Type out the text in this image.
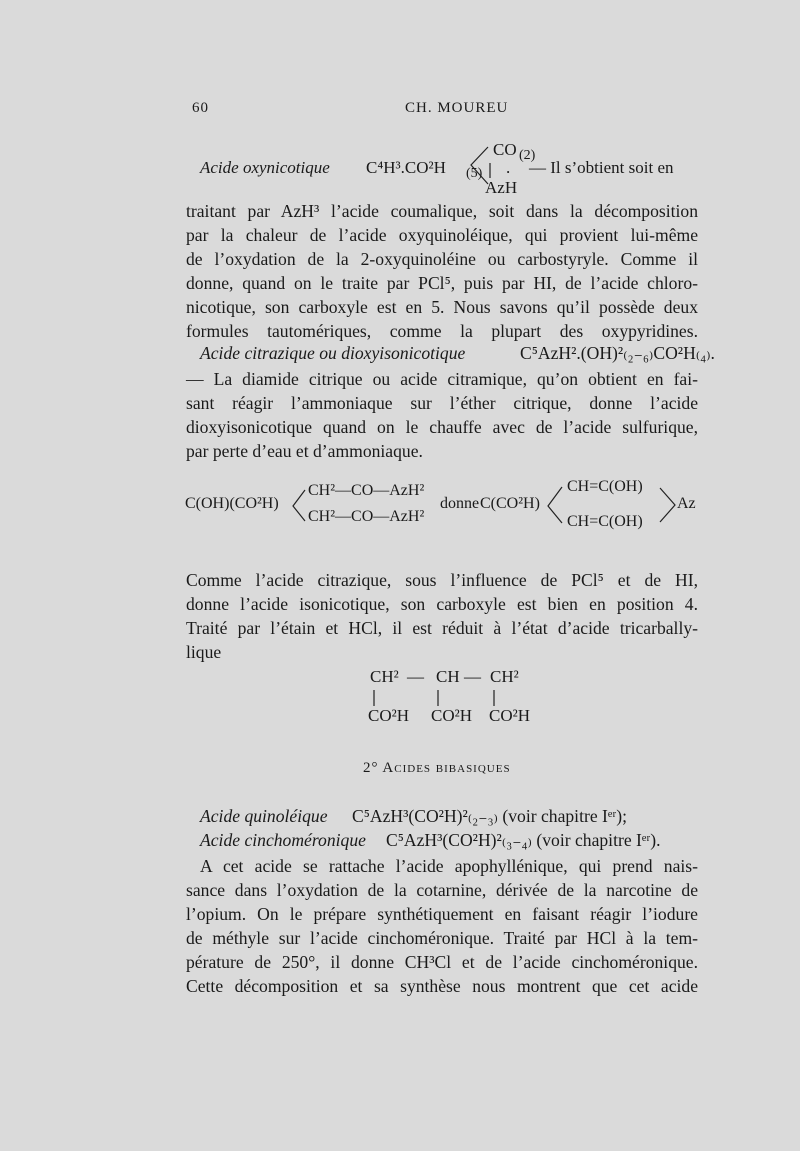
60	CH. MOUREU
Acide oxynicotique C⁴H³.CO²H (5)
CO (2)
AzH
. — Il s’obtient soit en
traitant par AzH³ l’acide coumalique, soit dans la décomposition
par la chaleur de l’acide oxyquinoléique, qui provient lui-même
de l’oxydation de la 2-oxyquinoléine ou carbostyryle. Comme il
donne, quand on le traite par PCl⁵, puis par HI, de l’acide chloro-
nicotique, son carboxyle est en 5. Nous savons qu’il possède deux
formules tautomériques, comme la plupart des oxypyridines.
Acide citrazique ou dioxyisonicotique	C⁵AzH².(OH)²₍₂₋₆₎CO²H₍₄₎.
— La diamide citrique ou acide citramique, qu’on obtient en fai-
sant réagir l’ammoniaque sur l’éther citrique, donne l’acide
dioxyisonicotique quand on le chauffe avec de l’acide sulfurique,
par perte d’eau et d’ammoniaque.
C(OH)(CO²H)
CH²—CO—AzH²
CH²—CO—AzH²
donne C(CO²H)
CH=C(OH)
CH=C(OH)
Az
Comme l’acide citrazique, sous l’influence de PCl⁵ et de HI,
donne l’acide isonicotique, son carboxyle est bien en position 4.
Traité par l’étain et HCl, il est réduit à l’état d’acide tricarbally-
lique
CH² — CH — CH²
CO²H CO²H CO²H
2° Acides bibasiques
Acide quinoléique C⁵AzH³(CO²H)²₍₂₋₃₎ (voir chapitre Iᵉʳ);
Acide cinchoméronique C⁵AzH³(CO²H)²₍₃₋₄₎ (voir chapitre Iᵉʳ).
A cet acide se rattache l’acide apophyllénique, qui prend nais-
sance dans l’oxydation de la cotarnine, dérivée de la narcotine de
l’opium. On le prépare synthétiquement en faisant réagir l’iodure
de méthyle sur l’acide cinchoméronique. Traité par HCl à la tem-
pérature de 250°, il donne CH³Cl et de l’acide cinchoméronique.
Cette décomposition et sa synthèse nous montrent que cet acide
